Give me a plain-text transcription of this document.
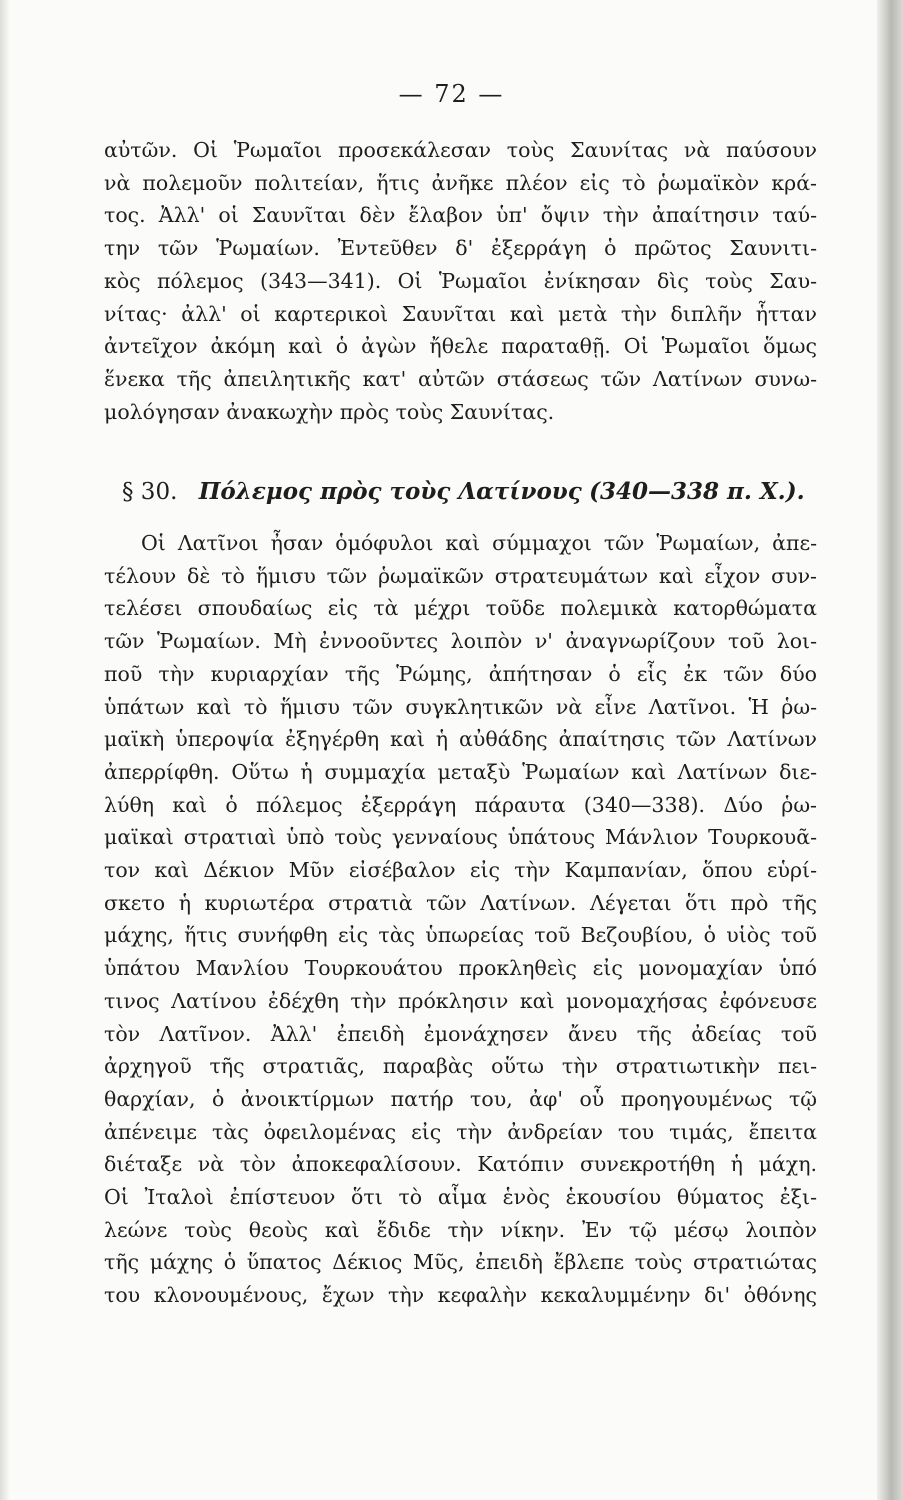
— 72 —
αὐτῶν. Οἱ Ῥωμαῖοι προσεκάλεσαν τοὺς Σαυνίτας νὰ παύσουν
νὰ πολεμοῦν πολιτείαν, ἥτις ἀνῆκε πλέον εἰς τὸ ῥωμαϊκὸν κρά-
τος. Ἀλλ' οἱ Σαυνῖται δὲν ἔλαβον ὑπ' ὄψιν τὴν ἀπαίτησιν ταύ-
την τῶν Ῥωμαίων. Ἐντεῦθεν δ' ἐξερράγη ὁ πρῶτος Σαυνιτι-
κὸς πόλεμος (343—341). Οἱ Ῥωμαῖοι ἐνίκησαν δὶς τοὺς Σαυ-
νίτας· ἀλλ' οἱ καρτερικοὶ Σαυνῖται καὶ μετὰ τὴν διπλῆν ἧτταν
ἀντεῖχον ἀκόμη καὶ ὁ ἀγὼν ἤθελε παραταθῇ. Οἱ Ῥωμαῖοι ὅμως
ἕνεκα τῆς ἀπειλητικῆς κατ' αὐτῶν στάσεως τῶν Λατίνων συνω-
μολόγησαν ἀνακωχὴν πρὸς τοὺς Σαυνίτας.
§ 30. Πόλεμος πρὸς τοὺς Λατίνους (340—338 π. Χ.).
Οἱ Λατῖνοι ἦσαν ὁμόφυλοι καὶ σύμμαχοι τῶν Ῥωμαίων, ἀπε-
τέλουν δὲ τὸ ἥμισυ τῶν ῥωμαϊκῶν στρατευμάτων καὶ εἶχον συν-
τελέσει σπουδαίως εἰς τὰ μέχρι τοῦδε πολεμικὰ κατορθώματα
τῶν Ῥωμαίων. Μὴ ἐννοοῦντες λοιπὸν ν' ἀναγνωρίζουν τοῦ λοι-
ποῦ τὴν κυριαρχίαν τῆς Ῥώμης, ἀπήτησαν ὁ εἷς ἐκ τῶν δύο
ὑπάτων καὶ τὸ ἥμισυ τῶν συγκλητικῶν νὰ εἶνε Λατῖνοι. Ἡ ῥω-
μαϊκὴ ὑπεροψία ἐξηγέρθη καὶ ἡ αὐθάδης ἀπαίτησις τῶν Λατίνων
ἀπερρίφθη. Οὕτω ἡ συμμαχία μεταξὺ Ῥωμαίων καὶ Λατίνων διε-
λύθη καὶ ὁ πόλεμος ἐξερράγη πάραυτα (340—338). Δύο ῥω-
μαϊκαὶ στρατιαὶ ὑπὸ τοὺς γενναίους ὑπάτους Μάνλιον Τουρκουᾶ-
τον καὶ Δέκιον Μῦν εἰσέβαλον εἰς τὴν Καμπανίαν, ὅπου εὑρί-
σκετο ἡ κυριωτέρα στρατιὰ τῶν Λατίνων. Λέγεται ὅτι πρὸ τῆς
μάχης, ἥτις συνήφθη εἰς τὰς ὑπωρείας τοῦ Βεζουβίου, ὁ υἱὸς τοῦ
ὑπάτου Μανλίου Τουρκουάτου προκληθεὶς εἰς μονομαχίαν ὑπό
τινος Λατίνου ἐδέχθη τὴν πρόκλησιν καὶ μονομαχήσας ἐφόνευσε
τὸν Λατῖνον. Ἀλλ' ἐπειδὴ ἐμονάχησεν ἄνευ τῆς ἀδείας τοῦ
ἀρχηγοῦ τῆς στρατιᾶς, παραβὰς οὕτω τὴν στρατιωτικὴν πει-
θαρχίαν, ὁ ἀνοικτίρμων πατήρ του, ἀφ' οὗ προηγουμένως τῷ
ἀπένειμε τὰς ὀφειλομένας εἰς τὴν ἀνδρείαν του τιμάς, ἔπειτα
διέταξε νὰ τὸν ἀποκεφαλίσουν. Κατόπιν συνεκροτήθη ἡ μάχη.
Οἱ Ἰταλοὶ ἐπίστευον ὅτι τὸ αἷμα ἑνὸς ἑκουσίου θύματος ἐξι-
λεώνε τοὺς θεοὺς καὶ ἔδιδε τὴν νίκην. Ἐν τῷ μέσῳ λοιπὸν
τῆς μάχης ὁ ὕπατος Δέκιος Μῦς, ἐπειδὴ ἔβλεπε τοὺς στρατιώτας
του κλονουμένους, ἔχων τὴν κεφαλὴν κεκαλυμμένην δι' ὀθόνης
